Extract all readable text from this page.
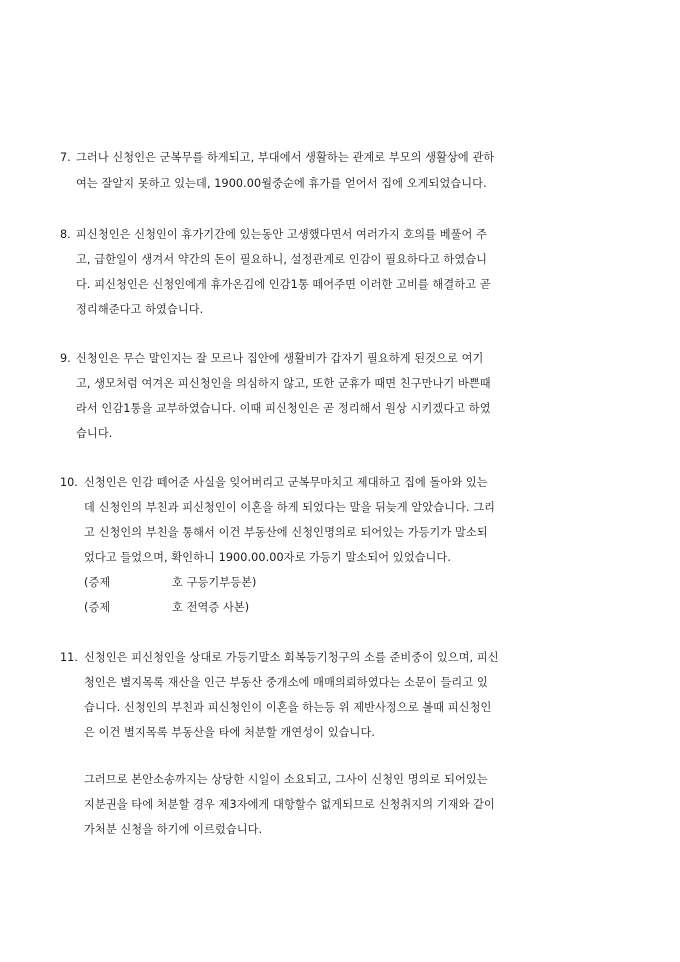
7. 그러나 신청인은 군복무를 하게되고, 부대에서 생활하는 관계로 부모의 생활상에 관하
여는 잘알지 못하고 있는데, 1900.00월중순에 휴가를 얻어서 집에 오게되었습니다.
8. 피신청인은 신청인이 휴가기간에 있는동안 고생했다면서 여러가지 호의를 베풀어 주
고, 급한일이 생겨서 약간의 돈이 필요하니, 설정관계로 인감이 필요하다고 하였습니
다. 피신청인은 신청인에게 휴가온김에 인감1통 떼어주면 이러한 고비를 해결하고 곧
정리해준다고 하였습니다.
9. 신청인은 무슨 말인지는 잘 모르나 집안에 생활비가 갑자기 필요하게 된것으로 여기
고, 생모처럼 여겨온 피신청인을 의심하지 않고, 또한 군휴가 때면 친구만나기 바쁜때
라서 인감1통을 교부하였습니다. 이때 피신청인은 곧 정리해서 원상 시키겠다고 하였
습니다.
10. 신청인은 인감 떼어준 사실을 잊어버리고 군복무마치고 제대하고 집에 돌아와 있는
데 신청인의 부친과 피신청인이 이혼을 하게 되었다는 말을 뒤늦게 알았습니다. 그리
고 신청인의 부친을 통해서 이건 부동산에 신청인명의로 되어있는 가등기가 말소되
었다고 들었으며, 확인하니 1900.00.00자로 가등기 말소되어 있었습니다.
(증제	호 구등기부등본)
(증제	호 전역증 사본)
11. 신청인은 피신청인을 상대로 가등기말소 회복등기청구의 소를 준비중이 있으며, 피신
청인은 별지목록 재산을 인근 부동산 중개소에 매매의뢰하였다는 소문이 들리고 있
습니다. 신청인의 부친과 피신청인이 이혼을 하는등 위 제반사정으로 볼때 피신청인
은 이건 별지목록 부동산을 타에 처분할 개연성이 있습니다.
그러므로 본안소송까지는 상당한 시일이 소요되고, 그사이 신청인 명의로 되어있는
지분권을 타에 처분할 경우 제3자에게 대항할수 없게되므로 신청취지의 기재와 같이
가처분 신청을 하기에 이르렀습니다.
